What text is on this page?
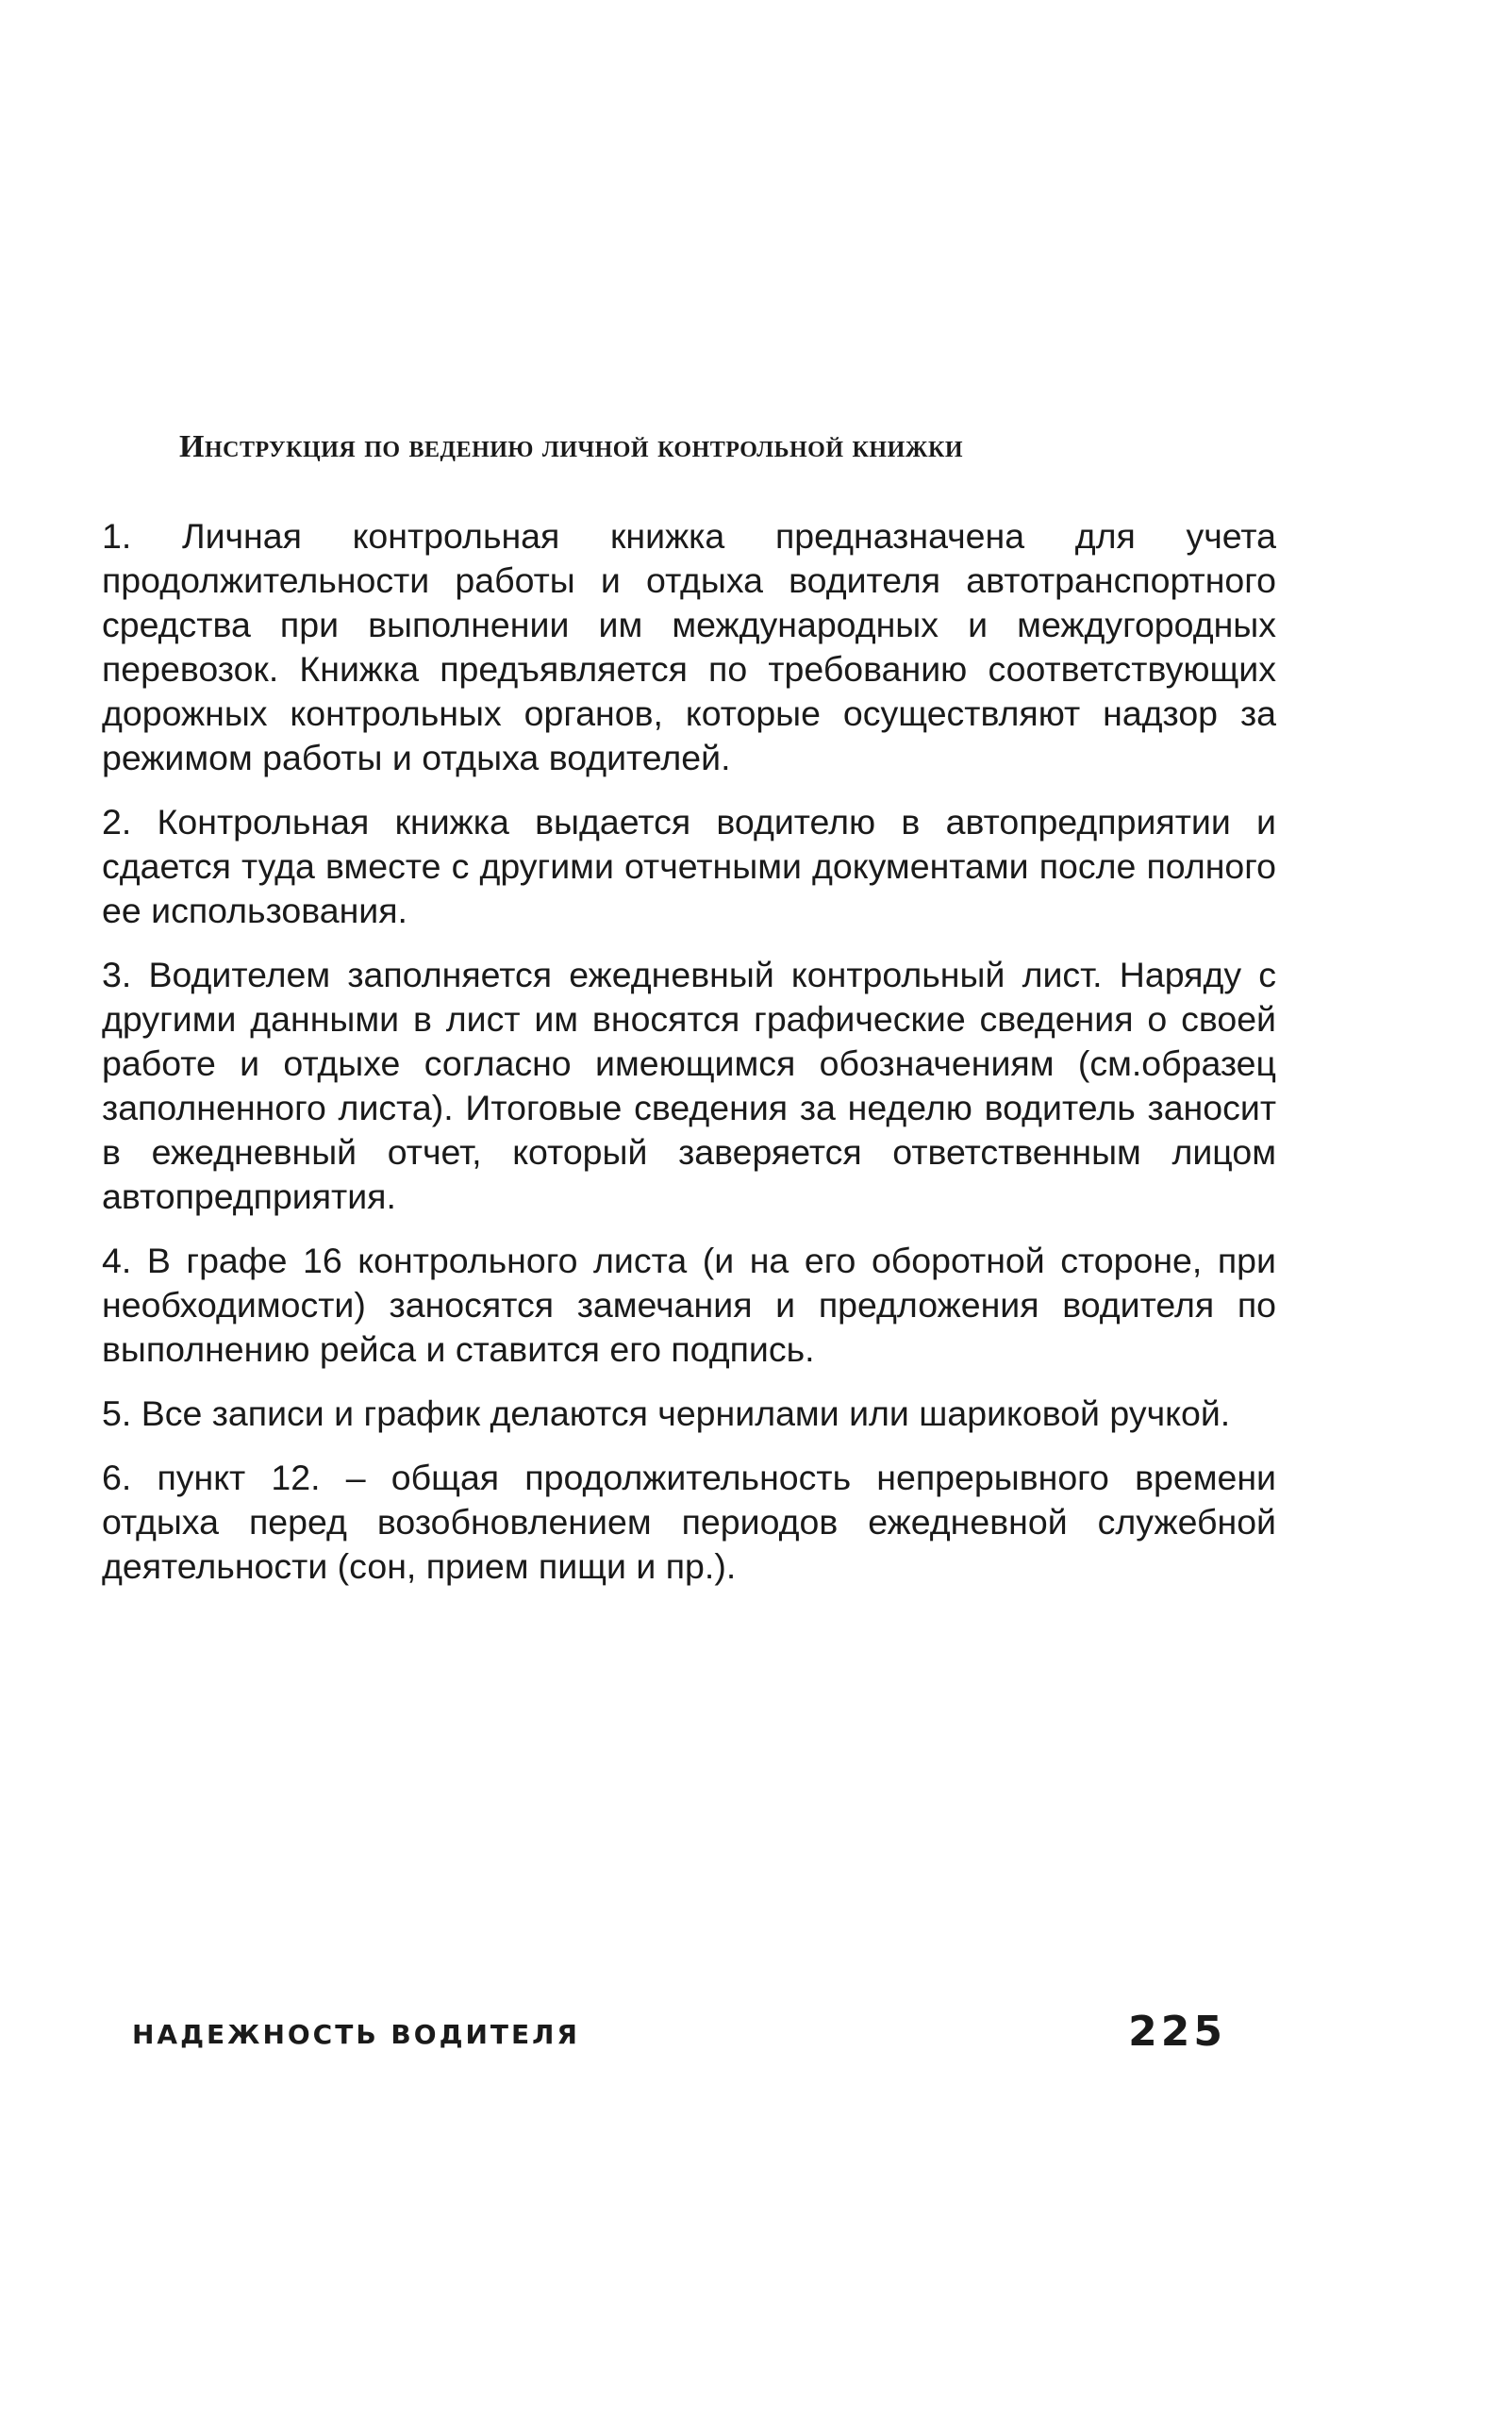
Инструкция по ведению личной контрольной книжки

1. Личная контрольная книжка предназначена для учета продолжительности работы и отдыха водителя автотранспортного средства при выполнении им международных и междугородных перевозок. Книжка предъявляется по требованию соответствующих дорожных контрольных органов, которые осуществляют надзор за режимом работы и отдыха водителей.

2. Контрольная книжка выдается водителю в автопредприятии и сдается туда вместе с другими отчетными документами после полного ее использования.

3. Водителем заполняется ежедневный контрольный лист. Наряду с другими данными в лист им вносятся графические сведения о своей работе и отдыхе согласно имеющимся обозначениям (см.образец заполненного листа). Итоговые сведения за неделю водитель заносит в ежедневный отчет, который заверяется ответственным лицом автопредприятия.

4. В графе 16 контрольного листа (и на его оборотной стороне, при необходимости) заносятся замечания и предложения водителя по выполнению рейса и ставится его подпись.

5. Все записи и график делаются чернилами или шариковой ручкой.

6. пункт 12. – общая продолжительность непрерывного времени отдыха перед возобновлением периодов ежедневной служебной деятельности (сон, прием пищи и пр.).

НАДЕЖНОСТЬ ВОДИТЕЛЯ	225
